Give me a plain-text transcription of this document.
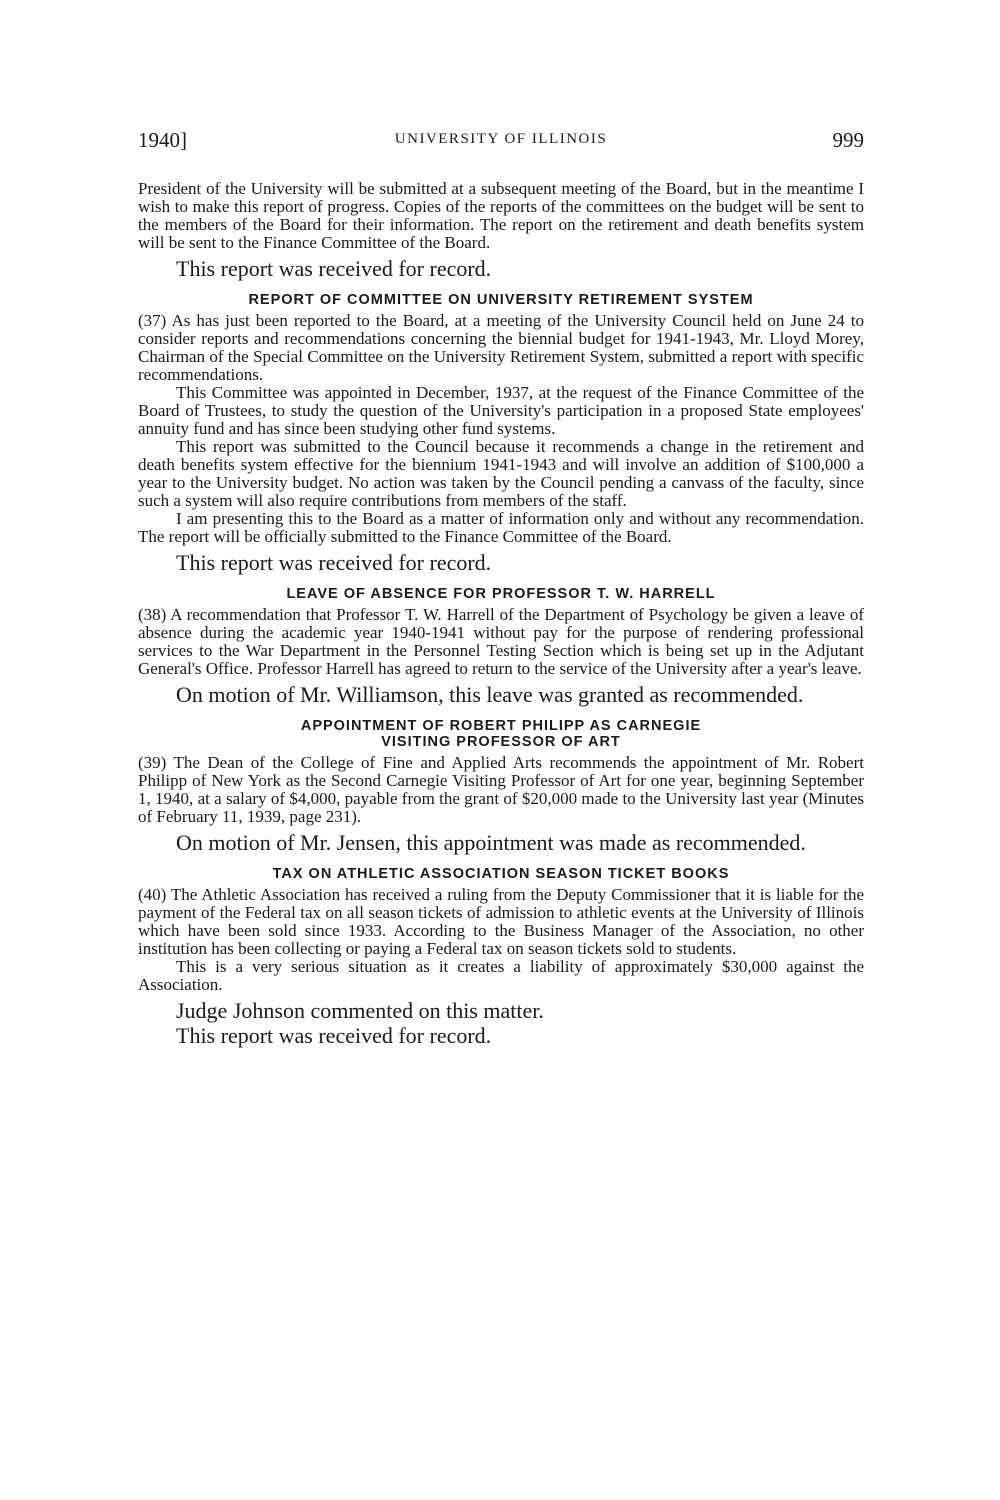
1940]	UNIVERSITY OF ILLINOIS	999

President of the University will be submitted at a subsequent meeting of the Board, but in the meantime I wish to make this report of progress. Copies of the reports of the committees on the budget will be sent to the members of the Board for their information. The report on the retirement and death benefits system will be sent to the Finance Committee of the Board.

This report was received for record.

REPORT OF COMMITTEE ON UNIVERSITY RETIREMENT SYSTEM

(37) As has just been reported to the Board, at a meeting of the University Council held on June 24 to consider reports and recommendations concerning the biennial budget for 1941-1943, Mr. Lloyd Morey, Chairman of the Special Committee on the University Retirement System, submitted a report with specific recommendations.

This Committee was appointed in December, 1937, at the request of the Finance Committee of the Board of Trustees, to study the question of the University's participation in a proposed State employees' annuity fund and has since been studying other fund systems.

This report was submitted to the Council because it recommends a change in the retirement and death benefits system effective for the biennium 1941-1943 and will involve an addition of $100,000 a year to the University budget. No action was taken by the Council pending a canvass of the faculty, since such a system will also require contributions from members of the staff.

I am presenting this to the Board as a matter of information only and without any recommendation. The report will be officially submitted to the Finance Committee of the Board.

This report was received for record.

LEAVE OF ABSENCE FOR PROFESSOR T. W. HARRELL

(38) A recommendation that Professor T. W. Harrell of the Department of Psychology be given a leave of absence during the academic year 1940-1941 without pay for the purpose of rendering professional services to the War Department in the Personnel Testing Section which is being set up in the Adjutant General's Office. Professor Harrell has agreed to return to the service of the University after a year's leave.

On motion of Mr. Williamson, this leave was granted as recommended.

APPOINTMENT OF ROBERT PHILIPP AS CARNEGIE
VISITING PROFESSOR OF ART

(39) The Dean of the College of Fine and Applied Arts recommends the appointment of Mr. Robert Philipp of New York as the Second Carnegie Visiting Professor of Art for one year, beginning September 1, 1940, at a salary of $4,000, payable from the grant of $20,000 made to the University last year (Minutes of February 11, 1939, page 231).

On motion of Mr. Jensen, this appointment was made as recommended.

TAX ON ATHLETIC ASSOCIATION SEASON TICKET BOOKS

(40) The Athletic Association has received a ruling from the Deputy Commissioner that it is liable for the payment of the Federal tax on all season tickets of admission to athletic events at the University of Illinois which have been sold since 1933. According to the Business Manager of the Association, no other institution has been collecting or paying a Federal tax on season tickets sold to students.

This is a very serious situation as it creates a liability of approximately $30,000 against the Association.

Judge Johnson commented on this matter.

This report was received for record.
